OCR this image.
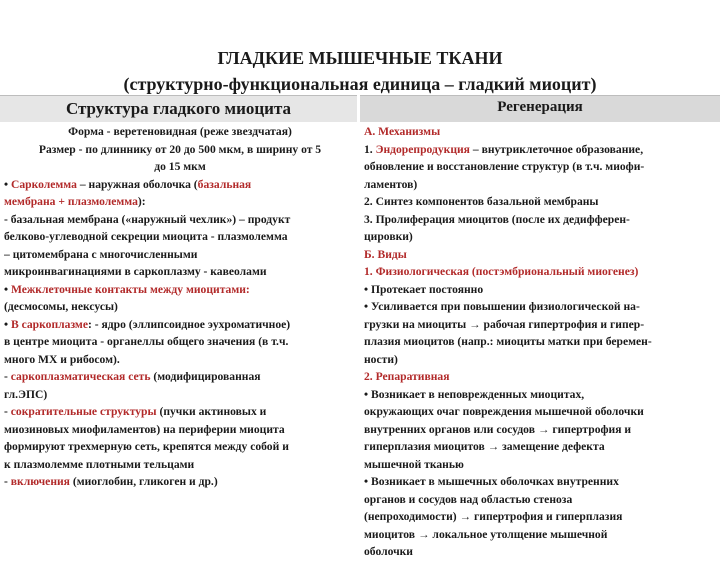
ГЛАДКИЕ МЫШЕЧНЫЕ ТКАНИ
(структурно-функциональная единица – гладкий миоцит)
Структура гладкого миоцита	Регенерация
Форма - веретеновидная (реже звездчатая)
Размер - по длиннику от 20 до 500 мкм, в ширину от 5
до 15 мкм
• Сарколемма – наружная оболочка (базальная
мембрана + плазмолемма):
- базальная мембрана («наружный чехлик») – продукт
белково-углеводной секреции миоцита - плазмолемма
– цитомембрана с многочисленными
микроинвагинациями в саркоплазму - кавеолами
• Межклеточные контакты между миоцитами:
(десмосомы, нексусы)
• В саркоплазме: - ядро (эллипсоидное эухроматичное)
в центре миоцита - органеллы общего значения (в т.ч.
много МХ и рибосом).
- саркоплазматическая сеть (модифицированная
гл.ЭПС)
- сократительные структуры (пучки актиновых и
миозиновых миофиламентов) на периферии миоцита
формируют трехмерную сеть, крепятся между собой и
к плазмолемме плотными тельцами
- включения (миоглобин, гликоген и др.)
А. Механизмы
1. Эндорепродукция – внутриклеточное образование,
обновление и восстановление структур (в т.ч. миофи-
ламентов)
2. Синтез компонентов базальной мембраны
3. Пролиферация миоцитов (после их дедифферен-
цировки)
Б. Виды
1. Физиологическая (постэмбриональный миогенез)
• Протекает постоянно
• Усиливается при повышении физиологической на-
грузки на миоциты → рабочая гипертрофия и гипер-
плазия миоцитов (напр.: миоциты матки при беремен-
ности)
2. Репаративная
• Возникает в неповрежденных миоцитах,
окружающих очаг повреждения мышечной оболочки
внутренних органов или сосудов → гипертрофия и
гиперплазия миоцитов → замещение дефекта
мышечной тканью
• Возникает в мышечных оболочках внутренних
органов и сосудов над областью стеноза
(непроходимости) → гипертрофия и гиперплазия
миоцитов → локальное утолщение мышечной
оболочки
